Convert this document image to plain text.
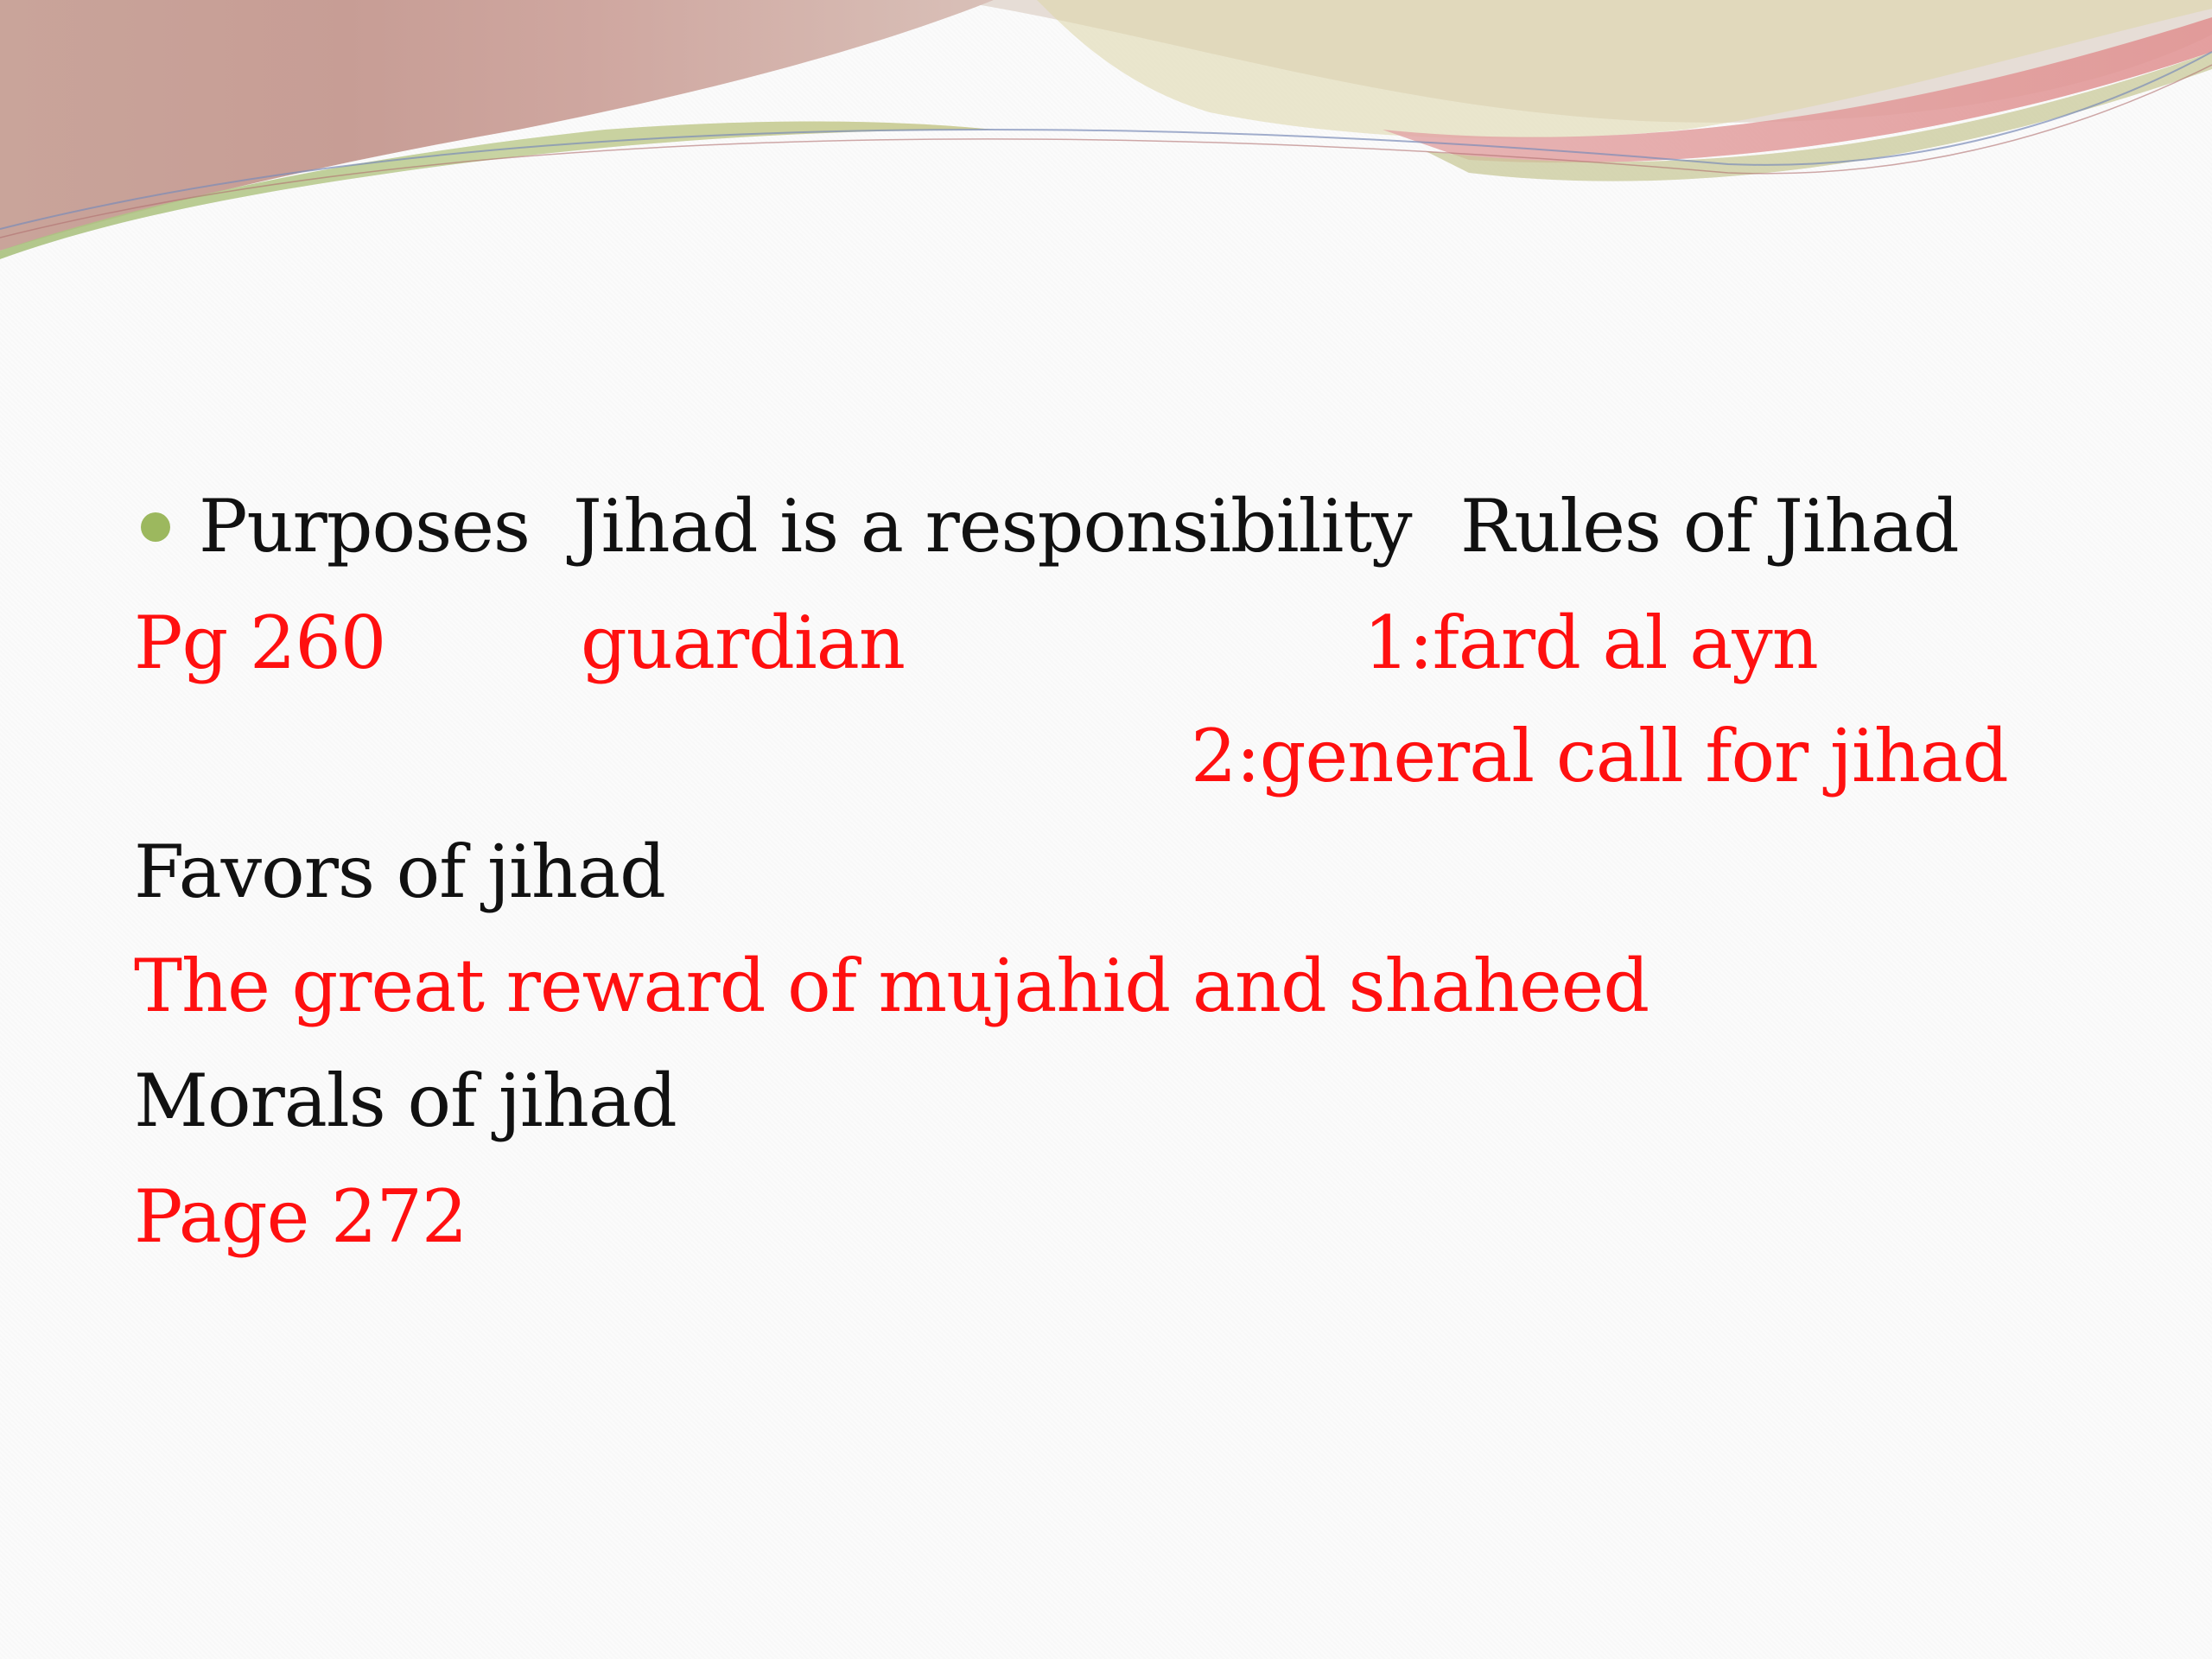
Purposes Jihad is a responsibility Rules of Jihad

Pg 260	guardian	1:fard al ayn

2:general call for jihad

Favors of jihad

The great reward of mujahid and shaheed

Morals of jihad

Page 272
